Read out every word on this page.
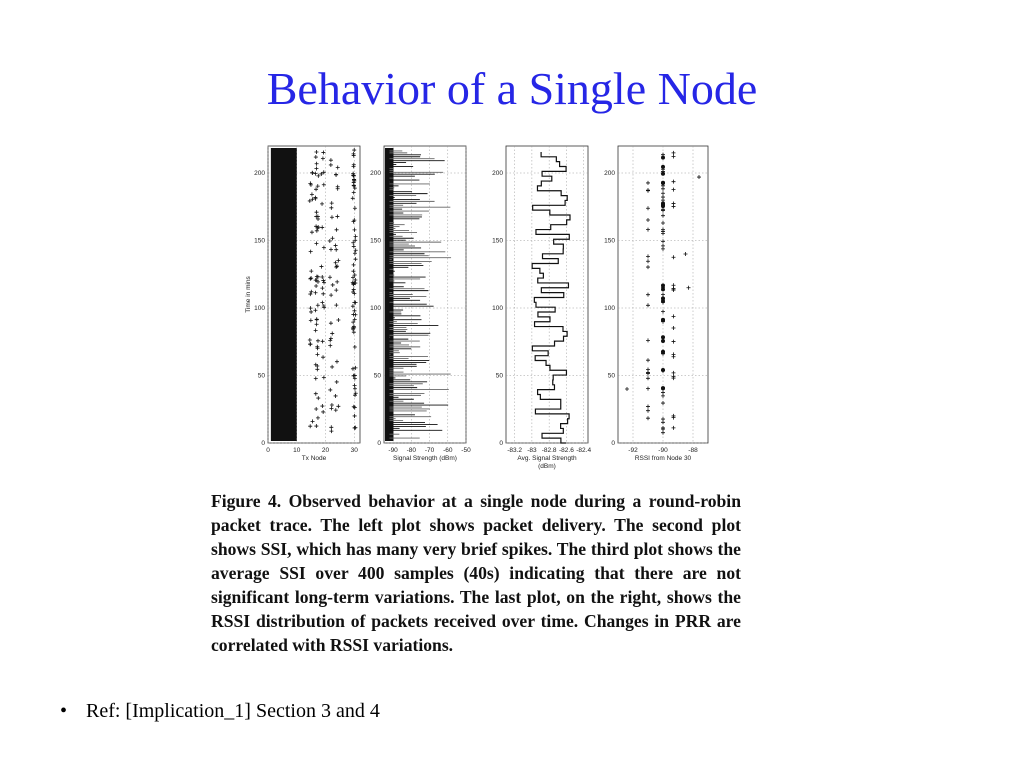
Behavior of a Single Node
0
50
100
150
200
0	10	20	30
Tx Node
Time in mins
0
50
100
150
200
-90 -80 -70 -60 -50
Signal Strength (dBm)
0
50
100
150
200
-83.2 -83 -82.8 -82.6 -82.4
Avg. Signal Strength
(dBm)
0
50
100
150
200
-92	-90	-88
RSSI from Node 30
Figure 4. Observed behavior at a single node during a round-robin packet trace. The left plot shows packet delivery. The second plot shows SSI, which has many very brief spikes. The third plot shows the average SSI over 400 samples (40s) indicating that there are not significant long-term variations. The last plot, on the right, shows the RSSI distribution of packets received over time. Changes in PRR are correlated with RSSI variations.
• Ref: [Implication_1] Section 3 and 4
